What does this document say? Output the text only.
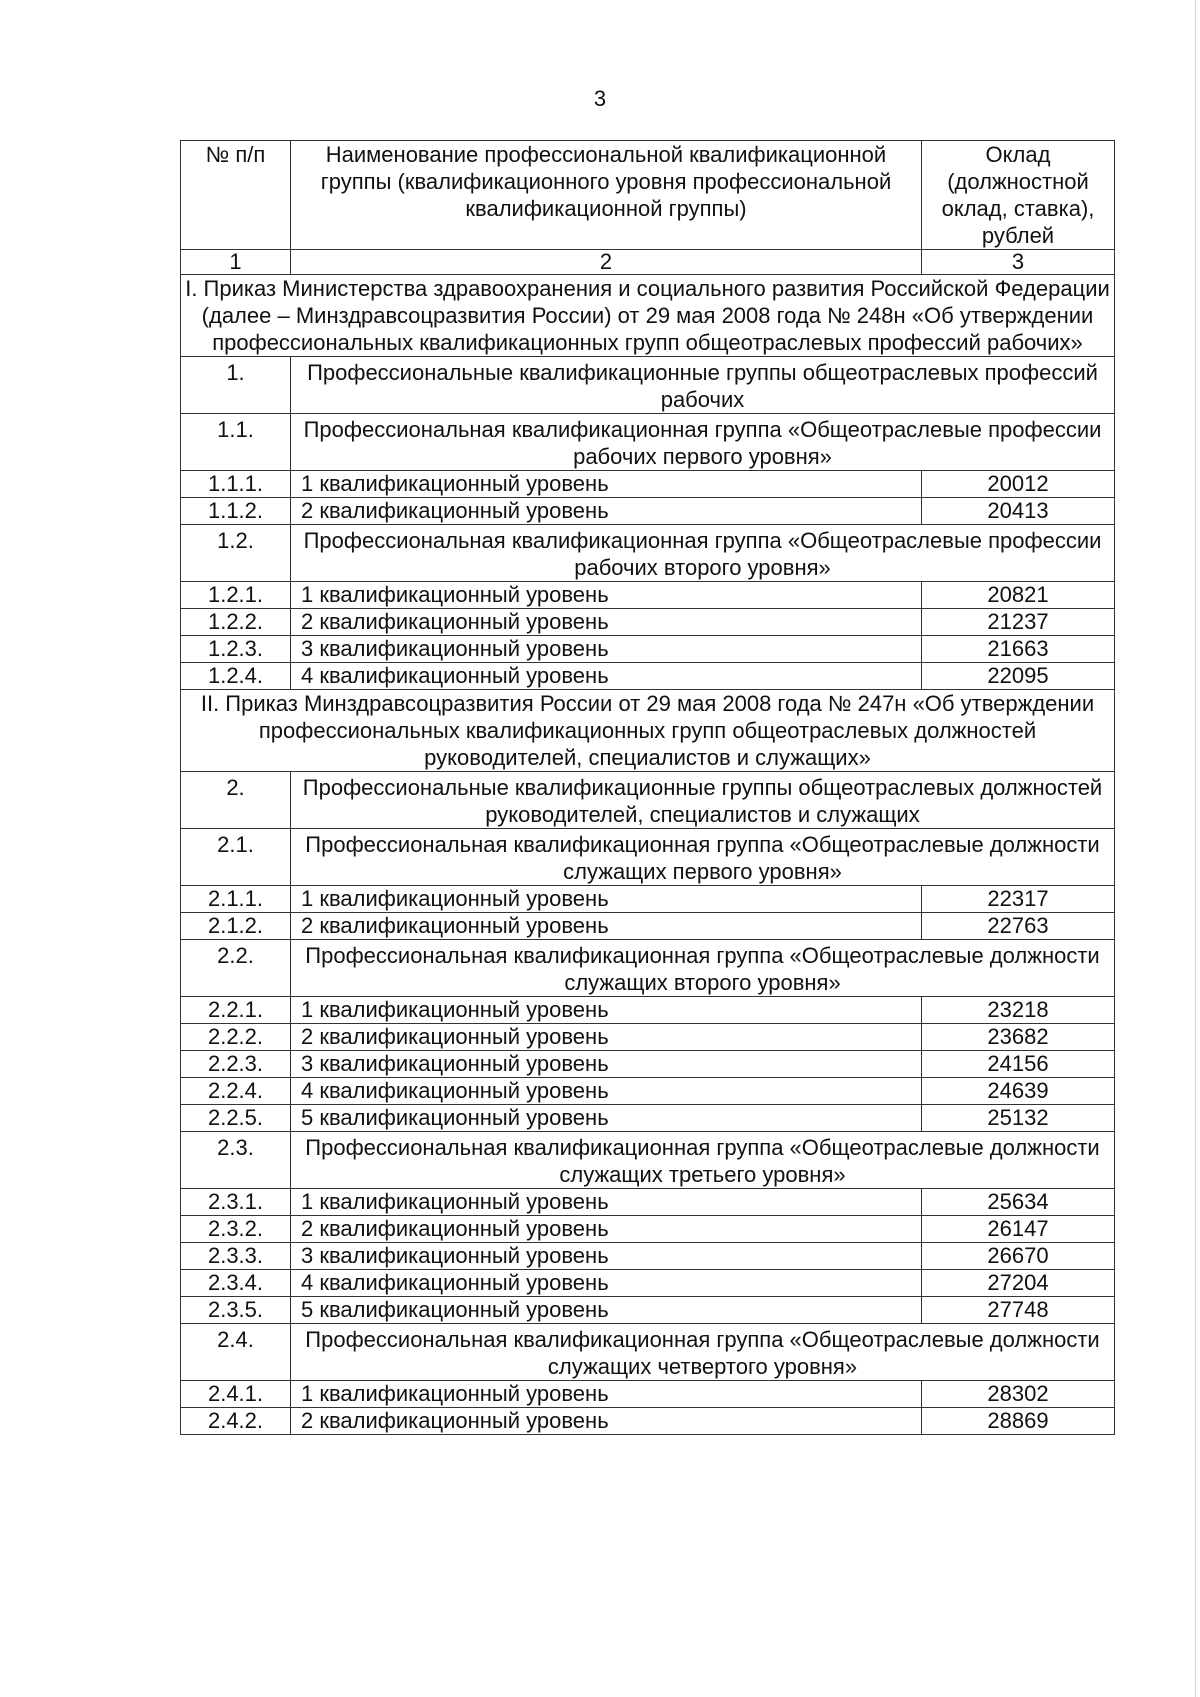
3
№ п/п	Наименование профессиональной квалификационной группы (квалификационного уровня профессиональной квалификационной группы)	Оклад (должностной оклад, ставка), рублей
1	2	3
I. Приказ Министерства здравоохранения и социального развития Российской Федерации (далее – Минздравсоцразвития России) от 29 мая 2008 года № 248н «Об утверждении профессиональных квалификационных групп общеотраслевых профессий рабочих»		
1.	Профессиональные квалификационные группы общеотраслевых профессий рабочих	
1.1.	Профессиональная квалификационная группа «Общеотраслевые профессии рабочих первого уровня»	
1.1.1.	1 квалификационный уровень	20012
1.1.2.	2 квалификационный уровень	20413
1.2.	Профессиональная квалификационная группа «Общеотраслевые профессии рабочих второго уровня»	
1.2.1.	1 квалификационный уровень	20821
1.2.2.	2 квалификационный уровень	21237
1.2.3.	3 квалификационный уровень	21663
1.2.4.	4 квалификационный уровень	22095
II. Приказ Минздравсоцразвития России от 29 мая 2008 года № 247н «Об утверждении профессиональных квалификационных групп общеотраслевых должностей руководителей, специалистов и служащих»		
2.	Профессиональные квалификационные группы общеотраслевых должностей руководителей, специалистов и служащих	
2.1.	Профессиональная квалификационная группа «Общеотраслевые должности служащих первого уровня»	
2.1.1.	1 квалификационный уровень	22317
2.1.2.	2 квалификационный уровень	22763
2.2.	Профессиональная квалификационная группа «Общеотраслевые должности служащих второго уровня»	
2.2.1.	1 квалификационный уровень	23218
2.2.2.	2 квалификационный уровень	23682
2.2.3.	3 квалификационный уровень	24156
2.2.4.	4 квалификационный уровень	24639
2.2.5.	5 квалификационный уровень	25132
2.3.	Профессиональная квалификационная группа «Общеотраслевые должности служащих третьего уровня»	
2.3.1.	1 квалификационный уровень	25634
2.3.2.	2 квалификационный уровень	26147
2.3.3.	3 квалификационный уровень	26670
2.3.4.	4 квалификационный уровень	27204
2.3.5.	5 квалификационный уровень	27748
2.4.	Профессиональная квалификационная группа «Общеотраслевые должности служащих четвертого уровня»	
2.4.1.	1 квалификационный уровень	28302
2.4.2.	2 квалификационный уровень	28869
